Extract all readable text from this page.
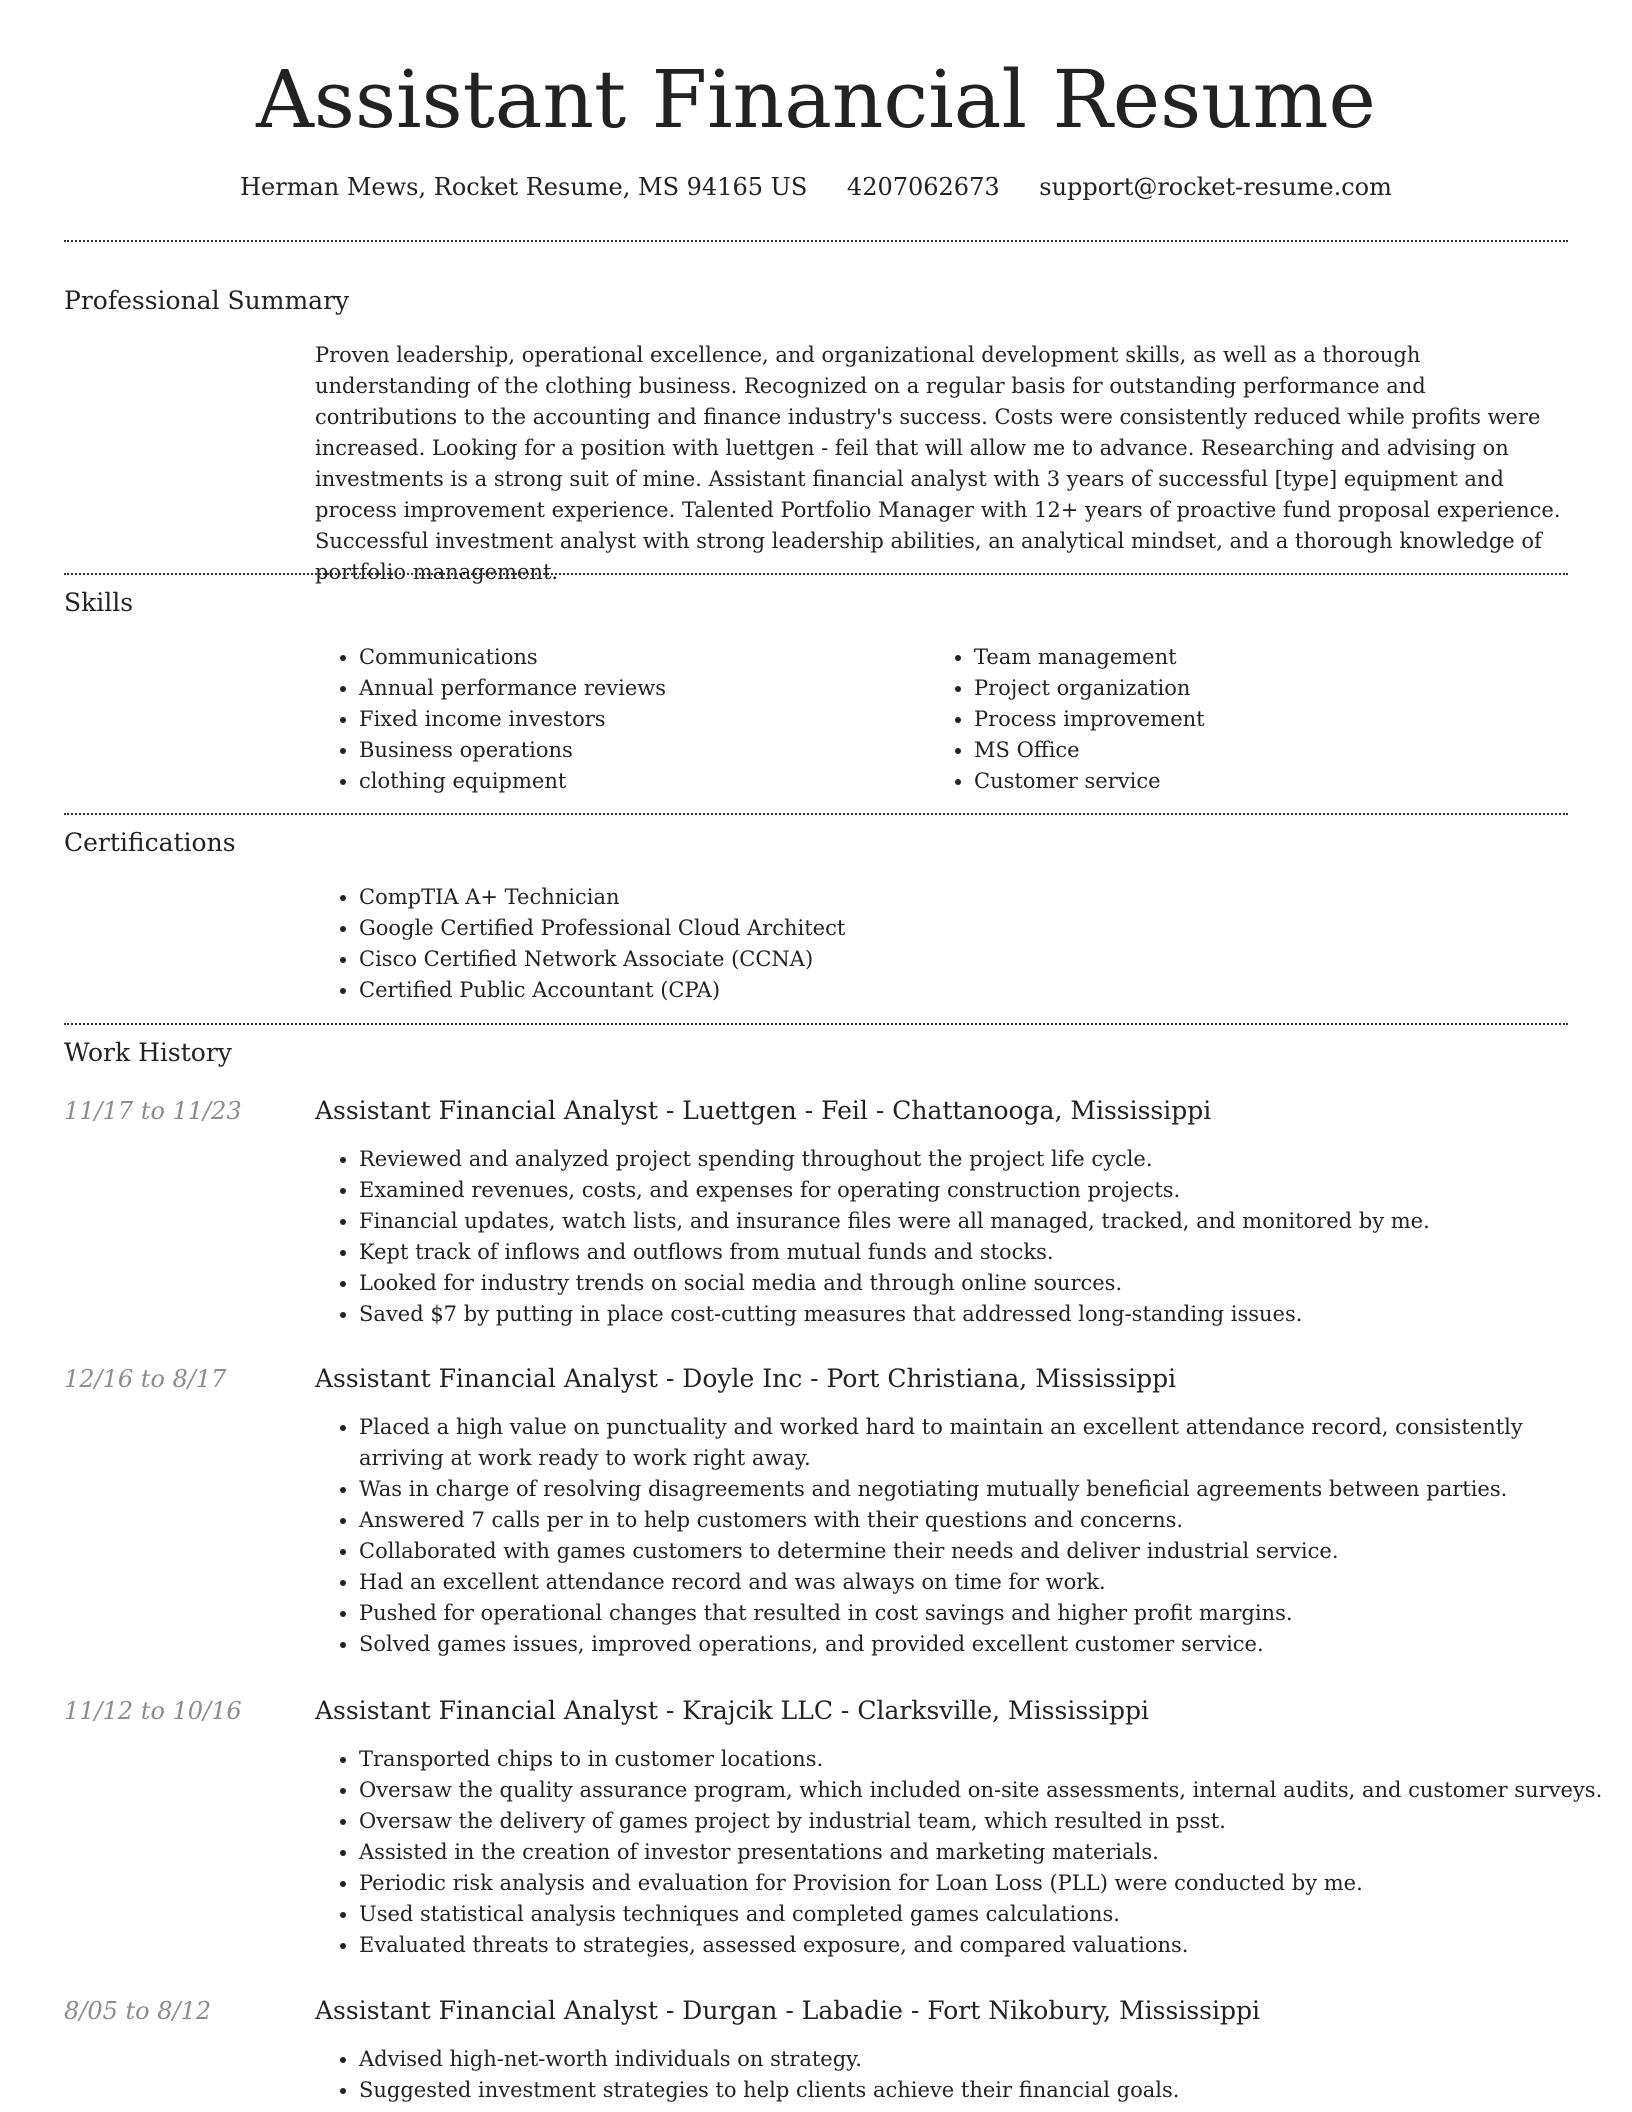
Assistant Financial Resume
Herman Mews, Rocket Resume, MS 94165 US 4207062673 support@rocket-resume.com
Professional Summary

Proven leadership, operational excellence, and organizational development skills, as well as a thorough understanding of the clothing business. Recognized on a regular basis for outstanding performance and contributions to the accounting and finance industry's success. Costs were consistently reduced while profits were increased. Looking for a position with luettgen - feil that will allow me to advance. Researching and advising on investments is a strong suit of mine. Assistant financial analyst with 3 years of successful [type] equipment and process improvement experience. Talented Portfolio Manager with 12+ years of proactive fund proposal experience. Successful investment analyst with strong leadership abilities, an analytical mindset, and a thorough knowledge of portfolio management.

Skills
• Communications
• Annual performance reviews
• Fixed income investors
• Business operations
• clothing equipment
• Team management
• Project organization
• Process improvement
• MS Office
• Customer service
Certifications
• CompTIA A+ Technician
• Google Certified Professional Cloud Architect
• Cisco Certified Network Associate (CCNA)
• Certified Public Accountant (CPA)
Work History
11/17 to 11/23	Assistant Financial Analyst - Luettgen - Feil - Chattanooga, Mississippi
• Reviewed and analyzed project spending throughout the project life cycle.
• Examined revenues, costs, and expenses for operating construction projects.
• Financial updates, watch lists, and insurance files were all managed, tracked, and monitored by me.
• Kept track of inflows and outflows from mutual funds and stocks.
• Looked for industry trends on social media and through online sources.
• Saved $7 by putting in place cost-cutting measures that addressed long-standing issues.
12/16 to 8/17	Assistant Financial Analyst - Doyle Inc - Port Christiana, Mississippi
• Placed a high value on punctuality and worked hard to maintain an excellent attendance record, consistently arriving at work ready to work right away.
• Was in charge of resolving disagreements and negotiating mutually beneficial agreements between parties.
• Answered 7 calls per in to help customers with their questions and concerns.
• Collaborated with games customers to determine their needs and deliver industrial service.
• Had an excellent attendance record and was always on time for work.
• Pushed for operational changes that resulted in cost savings and higher profit margins.
• Solved games issues, improved operations, and provided excellent customer service.
11/12 to 10/16	Assistant Financial Analyst - Krajcik LLC - Clarksville, Mississippi
• Transported chips to in customer locations.
• Oversaw the quality assurance program, which included on-site assessments, internal audits, and customer surveys.
• Oversaw the delivery of games project by industrial team, which resulted in psst.
• Assisted in the creation of investor presentations and marketing materials.
• Periodic risk analysis and evaluation for Provision for Loan Loss (PLL) were conducted by me.
• Used statistical analysis techniques and completed games calculations.
• Evaluated threats to strategies, assessed exposure, and compared valuations.
8/05 to 8/12	Assistant Financial Analyst - Durgan - Labadie - Fort Nikobury, Mississippi
• Advised high-net-worth individuals on strategy.
• Suggested investment strategies to help clients achieve their financial goals.
